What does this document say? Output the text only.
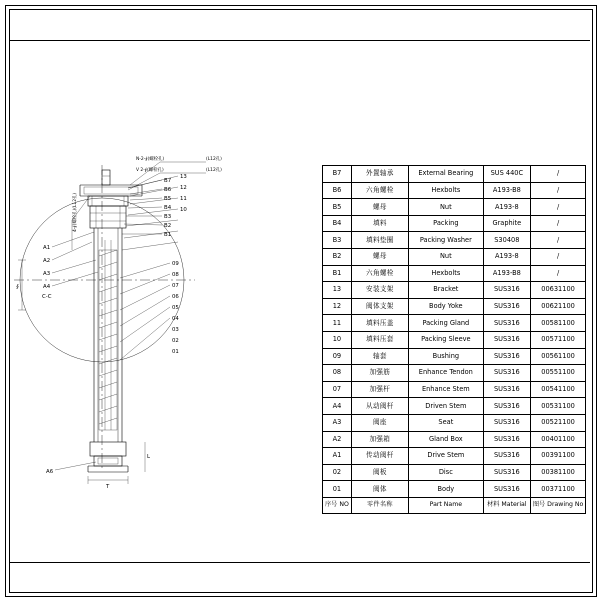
A1
A2
A3
A4
A6
C-C
B7
B6
B5
B4
B3
B2
B1
13
12
11
10
09
08
07
06
05
04
03
02
01
N-2-∮(螺栓孔)	(L12孔)
V 2-∮(螺栓孔)	(L12孔)
4-∮(螺栓孔)(L12孔)
∮
T
L
B7	外置轴承	External Bearing	SUS 440C	/
B6	六角螺栓	Hexbolts	A193-B8	/
B5	螺母	Nut	A193-8	/
B4	填料	Packing	Graphite	/
B3	填料垫圈	Packing Washer	S30408	/
B2	螺母	Nut	A193-8	/
B1	六角螺栓	Hexbolts	A193-B8	/
13	安装支架	Bracket	SUS316	00631100
12	阀体支架	Body Yoke	SUS316	00621100
11	填料压盖	Packing Gland	SUS316	00581100
10	填料压套	Packing Sleeve	SUS316	00571100
09	轴套	Bushing	SUS316	00561100
08	加强筋	Enhance Tendon	SUS316	00551100
07	加强杆	Enhance Stem	SUS316	00541100
A4	从动阀杆	Driven Stem	SUS316	00531100
A3	阀座	Seat	SUS316	00521100
A2	加强箱	Gland Box	SUS316	00401100
A1	传动阀杆	Drive Stem	SUS316	00391100
02	阀板	Disc	SUS316	00381100
01	阀体	Body	SUS316	00371100
序号 NO	零件名称	Part Name	材料 Material	图号 Drawing No
